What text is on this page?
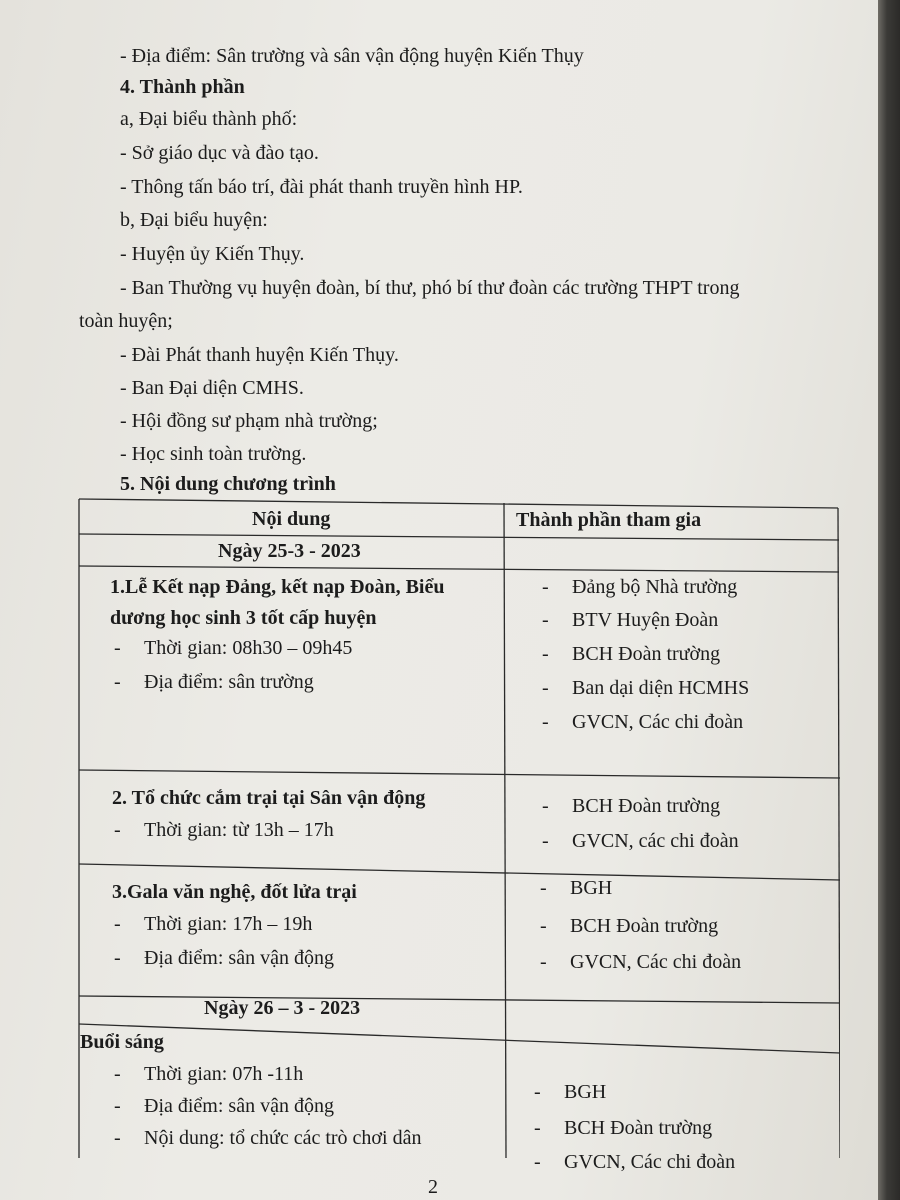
- Địa điểm: Sân trường và sân vận động huyện Kiến Thụy
4. Thành phần
a, Đại biểu thành phố:
- Sở giáo dục và đào tạo.
- Thông tấn báo trí, đài phát thanh truyền hình HP.
b, Đại biểu huyện:
- Huyện ủy Kiến Thụy.
- Ban Thường vụ huyện đoàn, bí thư, phó bí thư đoàn các trường THPT trong
toàn huyện;
- Đài Phát thanh huyện Kiến Thụy.
- Ban Đại diện CMHS.
- Hội đồng sư phạm nhà trường;
- Học sinh toàn trường.
5. Nội dung chương trình
Nội dung	Thành phần tham gia
Ngày 25-3 - 2023
1.Lễ Kết nạp Đảng, kết nạp Đoàn, Biểu
dương học sinh 3 tốt cấp huyện
- Thời gian: 08h30 – 09h45
- Địa điểm: sân trường
- Đảng bộ Nhà trường
- BTV Huyện Đoàn
- BCH Đoàn trường
- Ban dại diện HCMHS
- GVCN, Các chi đoàn
2. Tổ chức cắm trại tại Sân vận động
- Thời gian: từ 13h – 17h
- BCH Đoàn trường
- GVCN, các chi đoàn
3.Gala văn nghệ, đốt lửa trại
- Thời gian: 17h – 19h
- Địa điểm: sân vận động
- BGH
- BCH Đoàn trường
- GVCN, Các chi đoàn
Ngày 26 – 3 - 2023
Buổi sáng
- Thời gian: 07h -11h
- Địa điểm: sân vận động
- Nội dung: tổ chức các trò chơi dân
- BGH
- BCH Đoàn trường
- GVCN, Các chi đoàn
2
